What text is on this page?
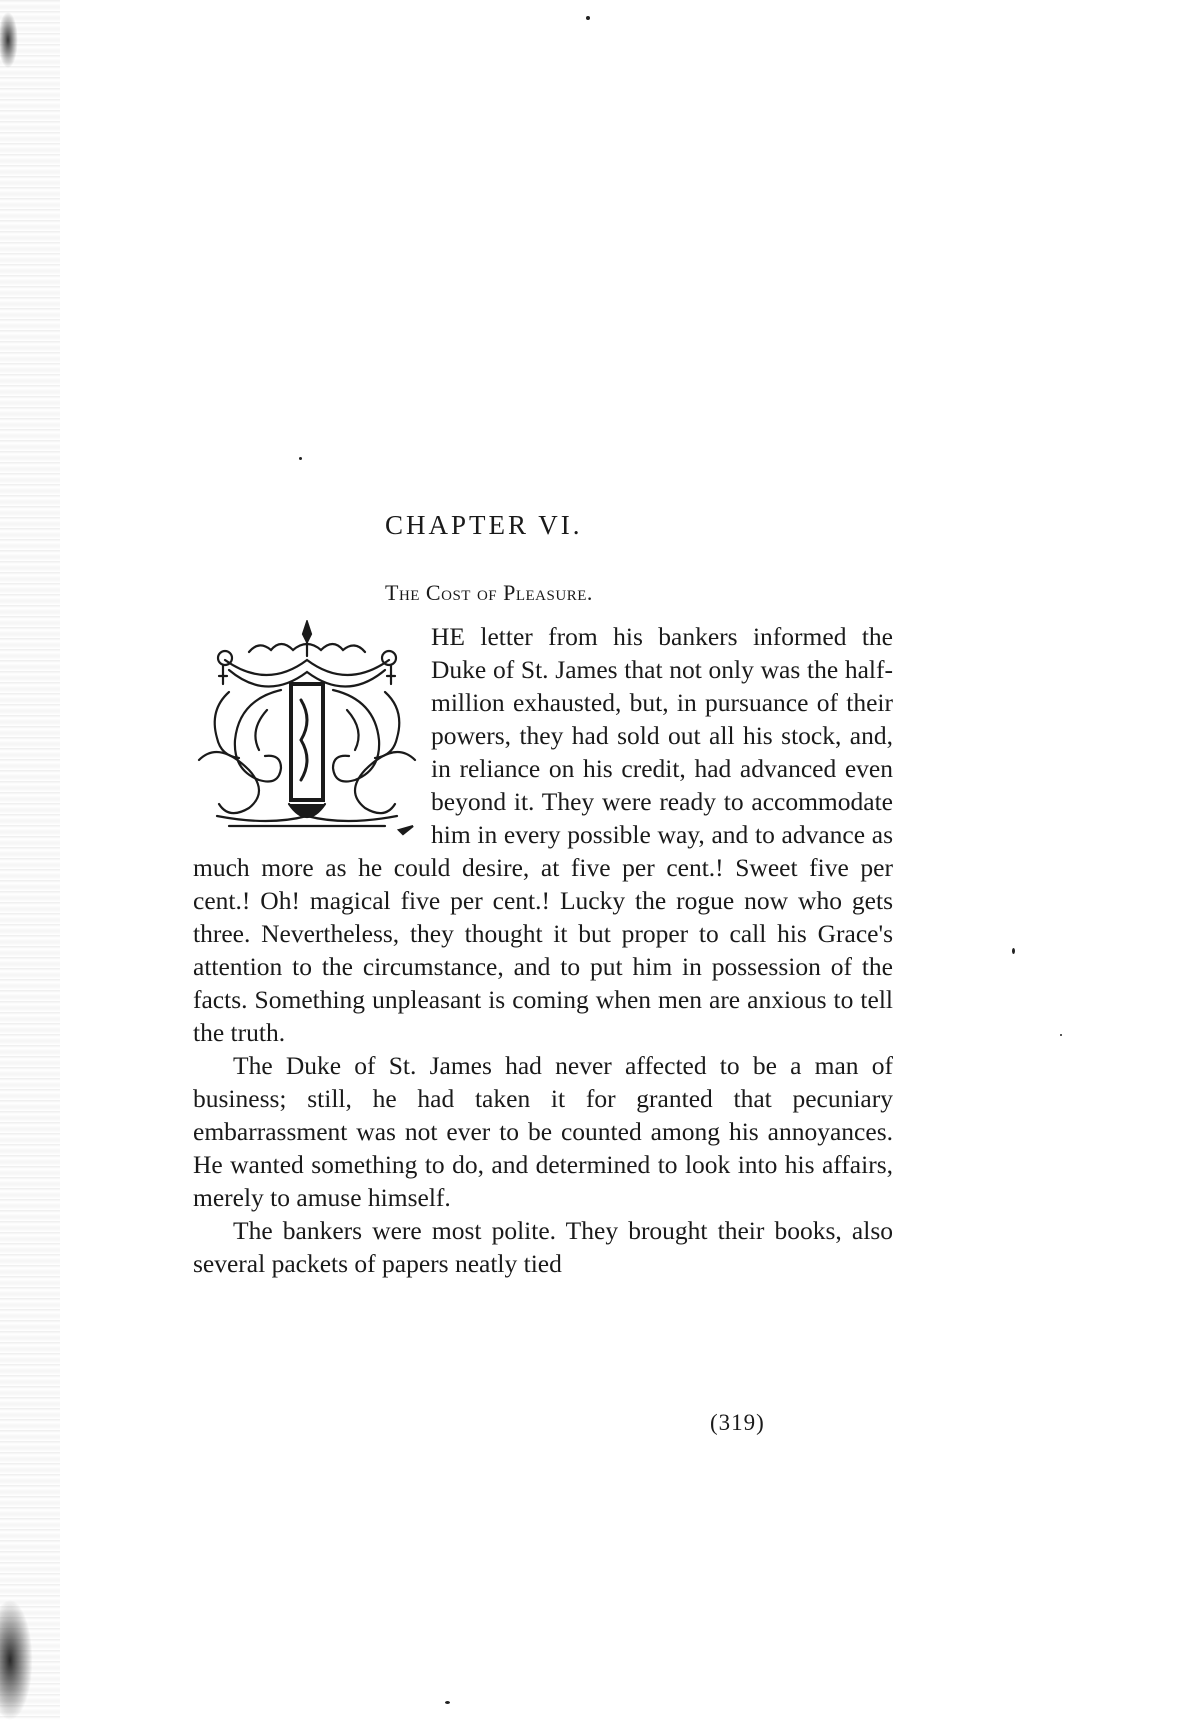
CHAPTER VI.
The Cost of Pleasure.

HE letter from his bankers informed the Duke of St. James that not only was the half-million exhausted, but, in pursuance of their powers, they had sold out all his stock, and, in reliance on his credit, had advanced even beyond it. They were ready to accommodate him in every possible way, and to advance as much more as he could desire, at five per cent.! Sweet five per cent.! Oh! magical five per cent.! Lucky the rogue now who gets three. Nevertheless, they thought it but proper to call his Grace's attention to the circumstance, and to put him in possession of the facts. Something unpleasant is coming when men are anxious to tell the truth.

The Duke of St. James had never affected to be a man of business; still, he had taken it for granted that pecuniary embarrassment was not ever to be counted among his annoyances. He wanted something to do, and determined to look into his affairs, merely to amuse himself.

The bankers were most polite. They brought their books, also several packets of papers neatly tied

(319)
